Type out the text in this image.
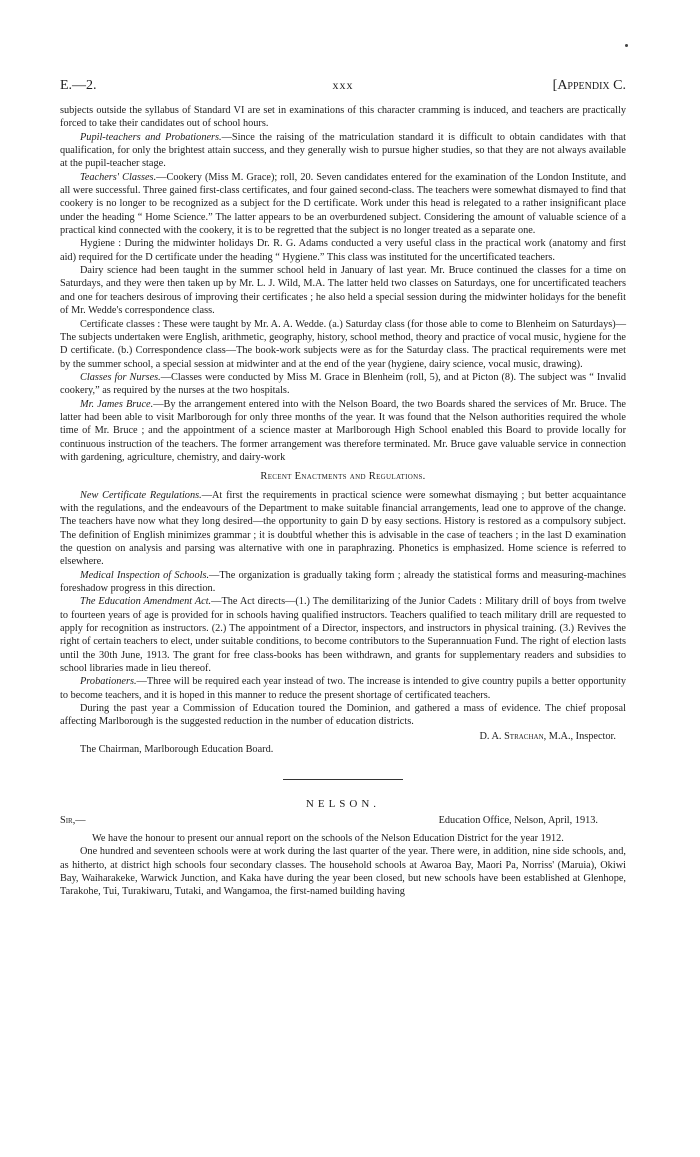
E.—2.	xxx	[Appendix C.

subjects outside the syllabus of Standard VI are set in examinations of this character cramming is induced, and teachers are practically forced to take their candidates out of school hours.

Pupil-teachers and Probationers.—Since the raising of the matriculation standard it is difficult to obtain candidates with that qualification, for only the brightest attain success, and they generally wish to pursue higher studies, so that they are not always available at the pupil-teacher stage.

Teachers' Classes.—Cookery (Miss M. Grace); roll, 20. Seven candidates entered for the examination of the London Institute, and all were successful. Three gained first-class certificates, and four gained second-class. The teachers were somewhat dismayed to find that cookery is no longer to be recognized as a subject for the D certificate. Work under this head is relegated to a rather insignificant place under the heading “ Home Science.” The latter appears to be an overburdened subject. Considering the amount of valuable science of a practical kind connected with the cookery, it is to be regretted that the subject is no longer treated as a separate one.

Hygiene : During the midwinter holidays Dr. R. G. Adams conducted a very useful class in the practical work (anatomy and first aid) required for the D certificate under the heading “ Hygiene.” This class was instituted for the uncertificated teachers.

Dairy science had been taught in the summer school held in January of last year. Mr. Bruce continued the classes for a time on Saturdays, and they were then taken up by Mr. L. J. Wild, M.A. The latter held two classes on Saturdays, one for uncertificated teachers and one for teachers desirous of improving their certificates ; he also held a special session during the midwinter holidays for the benefit of Mr. Wedde's correspondence class.

Certificate classes : These were taught by Mr. A. A. Wedde. (a.) Saturday class (for those able to come to Blenheim on Saturdays)—The subjects undertaken were English, arithmetic, geography, history, school method, theory and practice of vocal music, hygiene for the D certificate. (b.) Correspondence class—The book-work subjects were as for the Saturday class. The practical requirements were met by the summer school, a special session at midwinter and at the end of the year (hygiene, dairy science, vocal music, drawing).

Classes for Nurses.—Classes were conducted by Miss M. Grace in Blenheim (roll, 5), and at Picton (8). The subject was “ Invalid cookery,” as required by the nurses at the two hospitals.

Mr. James Bruce.—By the arrangement entered into with the Nelson Board, the two Boards shared the services of Mr. Bruce. The latter had been able to visit Marlborough for only three months of the year. It was found that the Nelson authorities required the whole time of Mr. Bruce ; and the appointment of a science master at Marlborough High School enabled this Board to provide locally for continuous instruction of the teachers. The former arrangement was therefore terminated. Mr. Bruce gave valuable service in connection with gardening, agriculture, chemistry, and dairy-work

Recent Enactments and Regulations.

New Certificate Regulations.—At first the requirements in practical science were somewhat dismaying ; but better acquaintance with the regulations, and the endeavours of the Department to make suitable financial arrangements, lead one to approve of the change. The teachers have now what they long desired—the opportunity to gain D by easy sections. History is restored as a compulsory subject. The definition of English minimizes grammar ; it is doubtful whether this is advisable in the case of teachers ; in the last D examination the question on analysis and parsing was alternative with one in paraphrazing. Phonetics is emphasized. Home science is referred to elsewhere.

Medical Inspection of Schools.—The organization is gradually taking form ; already the statistical forms and measuring-machines foreshadow progress in this direction.

The Education Amendment Act.—The Act directs—(1.) The demilitarizing of the Junior Cadets : Military drill of boys from twelve to fourteen years of age is provided for in schools having qualified instructors. Teachers qualified to teach military drill are requested to apply for recognition as instructors. (2.) The appointment of a Director, inspectors, and instructors in physical training. (3.) Revives the right of certain teachers to elect, under suitable conditions, to become contributors to the Superannuation Fund. The right of election lasts until the 30th June, 1913. The grant for free class-books has been withdrawn, and grants for supplementary readers and subsidies to school libraries made in lieu thereof.

Probationers.—Three will be required each year instead of two. The increase is intended to give country pupils a better opportunity to become teachers, and it is hoped in this manner to reduce the present shortage of certificated teachers.

During the past year a Commission of Education toured the Dominion, and gathered a mass of evidence. The chief proposal affecting Marlborough is the suggested reduction in the number of education districts.

D. A. Strachan, M.A., Inspector.

The Chairman, Marlborough Education Board.

NELSON.
Sir,—	Education Office, Nelson, April, 1913.

We have the honour to present our annual report on the schools of the Nelson Education District for the year 1912.

One hundred and seventeen schools were at work during the last quarter of the year. There were, in addition, nine side schools, and, as hitherto, at district high schools four secondary classes. The household schools at Awaroa Bay, Maori Pa, Norriss' (Maruia), Okiwi Bay, Waiharakeke, Warwick Junction, and Kaka have during the year been closed, but new schools have been established at Glenhope, Tarakohe, Tui, Turakiwaru, Tutaki, and Wangamoa, the first-named building having
